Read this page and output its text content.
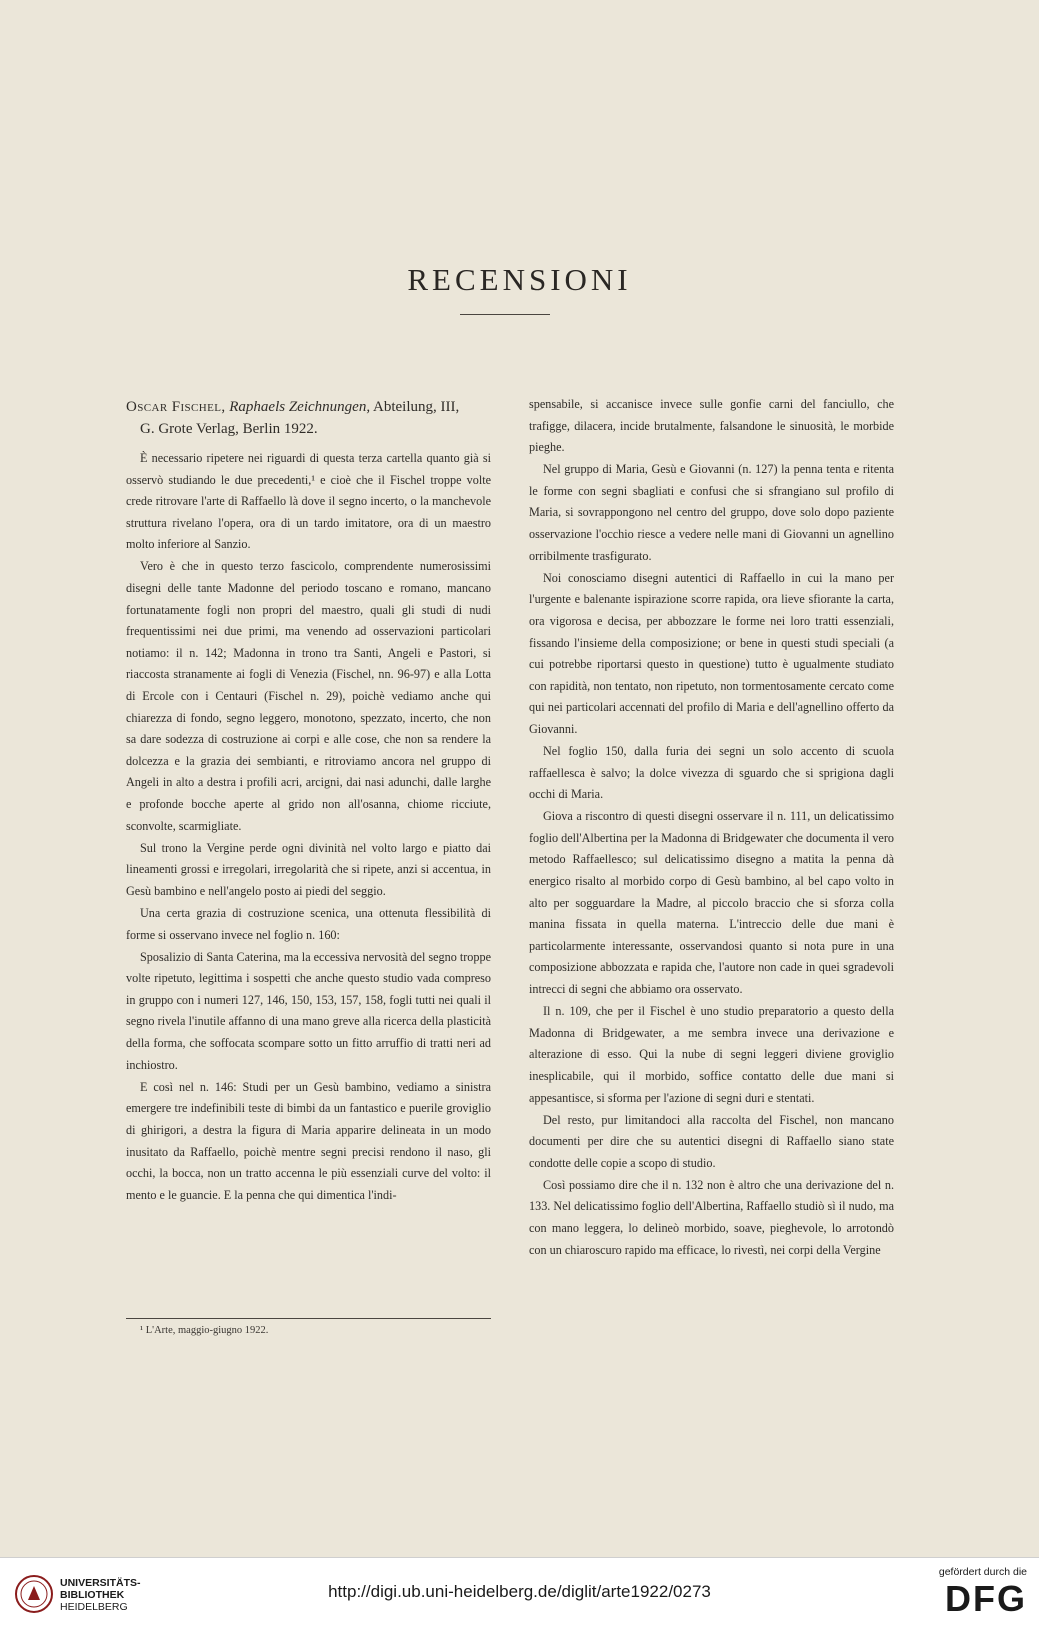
RECENSIONI
Oscar Fischel, Raphaels Zeichnungen, Abteilung, III,
G. Grote Verlag, Berlin 1922.

È necessario ripetere nei riguardi di questa terza cartella quanto già si osservò studiando le due precedenti,¹ e cioè che il Fischel troppe volte crede ritrovare l'arte di Raffaello là dove il segno incerto, o la manchevole struttura rivelano l'opera, ora di un tardo imitatore, ora di un maestro molto inferiore al Sanzio.

Vero è che in questo terzo fascicolo, comprendente numerosissimi disegni delle tante Madonne del periodo toscano e romano, mancano fortunatamente fogli non propri del maestro, quali gli studi di nudi frequentissimi nei due primi, ma venendo ad osservazioni particolari notiamo: il n. 142; Madonna in trono tra Santi, Angeli e Pastori, si riaccosta stranamente ai fogli di Venezia (Fischel, nn. 96-97) e alla Lotta di Ercole con i Centauri (Fischel n. 29), poichè vediamo anche qui chiarezza di fondo, segno leggero, monotono, spezzato, incerto, che non sa dare sodezza di costruzione ai corpi e alle cose, che non sa rendere la dolcezza e la grazia dei sembianti, e ritroviamo ancora nel gruppo di Angeli in alto a destra i profili acri, arcigni, dai nasi adunchi, dalle larghe e profonde bocche aperte al grido non all'osanna, chiome ricciute, sconvolte, scarmigliate.

Sul trono la Vergine perde ogni divinità nel volto largo e piatto dai lineamenti grossi e irregolari, irregolarità che si ripete, anzi si accentua, in Gesù bambino e nell'angelo posto ai piedi del seggio.

Una certa grazia di costruzione scenica, una ottenuta flessibilità di forme si osservano invece nel foglio n. 160:

Sposalizio di Santa Caterina, ma la eccessiva nervosità del segno troppe volte ripetuto, legittima i sospetti che anche questo studio vada compreso in gruppo con i numeri 127, 146, 150, 153, 157, 158, fogli tutti nei quali il segno rivela l'inutile affanno di una mano greve alla ricerca della plasticità della forma, che soffocata scompare sotto un fitto arruffio di tratti neri ad inchiostro.

E così nel n. 146: Studi per un Gesù bambino, vediamo a sinistra emergere tre indefinibili teste di bimbi da un fantastico e puerile groviglio di ghirigori, a destra la figura di Maria apparire delineata in un modo inusitato da Raffaello, poichè mentre segni precisi rendono il naso, gli occhi, la bocca, non un tratto accenna le più essenziali curve del volto: il mento e le guancie. E la penna che qui dimentica l'indi-

spensabile, si accanisce invece sulle gonfie carni del fanciullo, che trafigge, dilacera, incide brutalmente, falsandone le sinuosità, le morbide pieghe.

Nel gruppo di Maria, Gesù e Giovanni (n. 127) la penna tenta e ritenta le forme con segni sbagliati e confusi che si sfrangiano sul profilo di Maria, si sovrappongono nel centro del gruppo, dove solo dopo paziente osservazione l'occhio riesce a vedere nelle mani di Giovanni un agnellino orribilmente trasfigurato.

Noi conosciamo disegni autentici di Raffaello in cui la mano per l'urgente e balenante ispirazione scorre rapida, ora lieve sfiorante la carta, ora vigorosa e decisa, per abbozzare le forme nei loro tratti essenziali, fissando l'insieme della composizione; or bene in questi studi speciali (a cui potrebbe riportarsi questo in questione) tutto è ugualmente studiato con rapidità, non tentato, non ripetuto, non tormentosamente cercato come qui nei particolari accennati del profilo di Maria e dell'agnellino offerto da Giovanni.

Nel foglio 150, dalla furia dei segni un solo accento di scuola raffaellesca è salvo; la dolce vivezza di sguardo che si sprigiona dagli occhi di Maria.

Giova a riscontro di questi disegni osservare il n. 111, un delicatissimo foglio dell'Albertina per la Madonna di Bridgewater che documenta il vero metodo Raffaellesco; sul delicatissimo disegno a matita la penna dà energico risalto al morbido corpo di Gesù bambino, al bel capo volto in alto per sogguardare la Madre, al piccolo braccio che si sforza colla manina fissata in quella materna. L'intreccio delle due mani è particolarmente interessante, osservandosi quanto si nota pure in una composizione abbozzata e rapida che, l'autore non cade in quei sgradevoli intrecci di segni che abbiamo ora osservato.

Il n. 109, che per il Fischel è uno studio preparatorio a questo della Madonna di Bridgewater, a me sembra invece una derivazione e alterazione di esso. Qui la nube di segni leggeri diviene groviglio inesplicabile, qui il morbido, soffice contatto delle due mani si appesantisce, si sforma per l'azione di segni duri e stentati.

Del resto, pur limitandoci alla raccolta del Fischel, non mancano documenti per dire che su autentici disegni di Raffaello siano state condotte delle copie a scopo di studio.

Così possiamo dire che il n. 132 non è altro che una derivazione del n. 133. Nel delicatissimo foglio dell'Albertina, Raffaello studiò sì il nudo, ma con mano leggera, lo delineò morbido, soave, pieghevole, lo arrotondò con un chiaroscuro rapido ma efficace, lo rivestì, nei corpi della Vergine

¹ L'Arte, maggio-giugno 1922.
UNIVERSITÄTS-
BIBLIOTHEK
HEIDELBERG
http://digi.ub.uni-heidelberg.de/diglit/arte1922/0273
gefördert durch die
DFG
